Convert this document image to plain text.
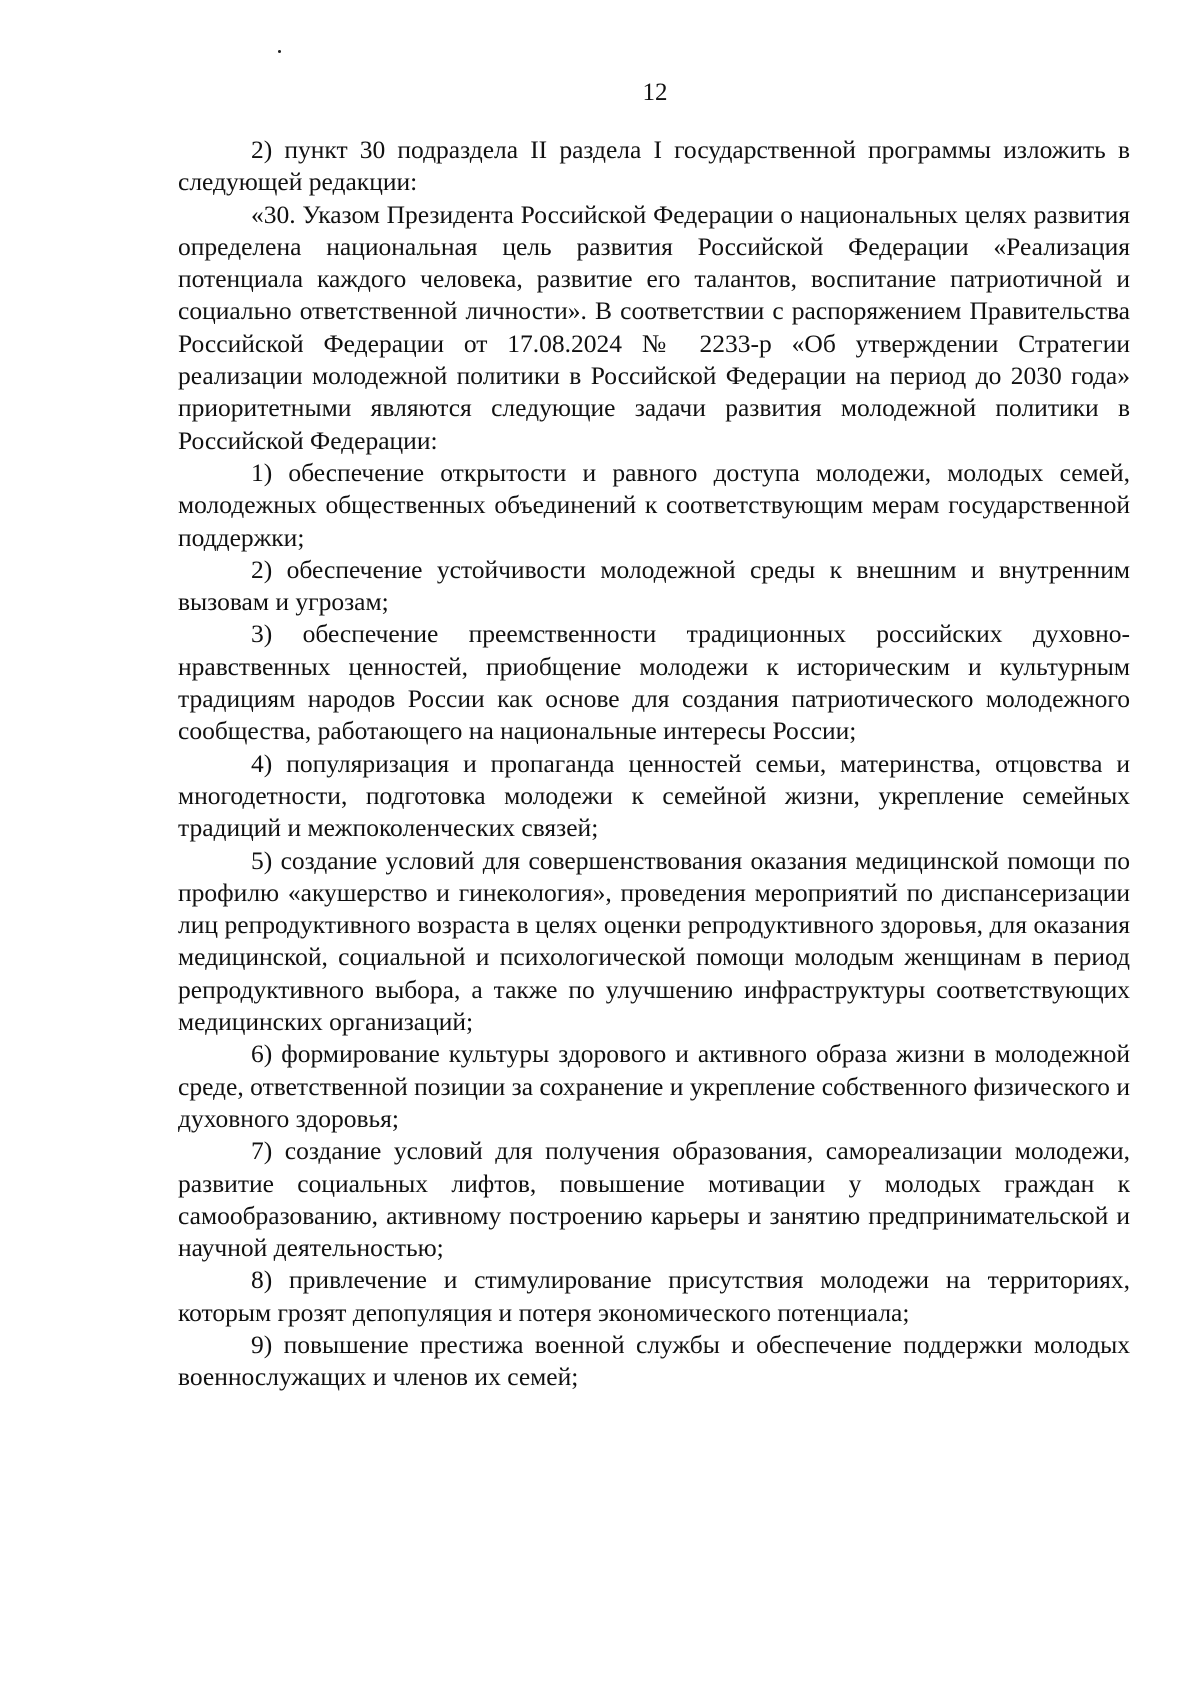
12

2) пункт 30 подраздела II раздела I государственной программы изложить в следующей редакции:

«30. Указом Президента Российской Федерации о национальных целях развития определена национальная цель развития Российской Федерации «Реализация потенциала каждого человека, развитие его талантов, воспитание патриотичной и социально ответственной личности». В соответствии с распоряжением Правительства Российской Федерации от 17.08.2024 № 2233-р «Об утверждении Стратегии реализации молодежной политики в Российской Федерации на период до 2030 года» приоритетными являются следующие задачи развития молодежной политики в Российской Федерации:

1) обеспечение открытости и равного доступа молодежи, молодых семей, молодежных общественных объединений к соответствующим мерам государственной поддержки;

2) обеспечение устойчивости молодежной среды к внешним и внутренним вызовам и угрозам;

3) обеспечение преемственности традиционных российских духовно-нравственных ценностей, приобщение молодежи к историческим и культурным традициям народов России как основе для создания патриотического молодежного сообщества, работающего на национальные интересы России;

4) популяризация и пропаганда ценностей семьи, материнства, отцовства и многодетности, подготовка молодежи к семейной жизни, укрепление семейных традиций и межпоколенческих связей;

5) создание условий для совершенствования оказания медицинской помощи по профилю «акушерство и гинекология», проведения мероприятий по диспансеризации лиц репродуктивного возраста в целях оценки репродуктивного здоровья, для оказания медицинской, социальной и психологической помощи молодым женщинам в период репродуктивного выбора, а также по улучшению инфраструктуры соответствующих медицинских организаций;

6) формирование культуры здорового и активного образа жизни в молодежной среде, ответственной позиции за сохранение и укрепление собственного физического и духовного здоровья;

7) создание условий для получения образования, самореализации молодежи, развитие социальных лифтов, повышение мотивации у молодых граждан к самообразованию, активному построению карьеры и занятию предпринимательской и научной деятельностью;

8) привлечение и стимулирование присутствия молодежи на территориях, которым грозят депопуляция и потеря экономического потенциала;

9) повышение престижа военной службы и обеспечение поддержки молодых военнослужащих и членов их семей;
